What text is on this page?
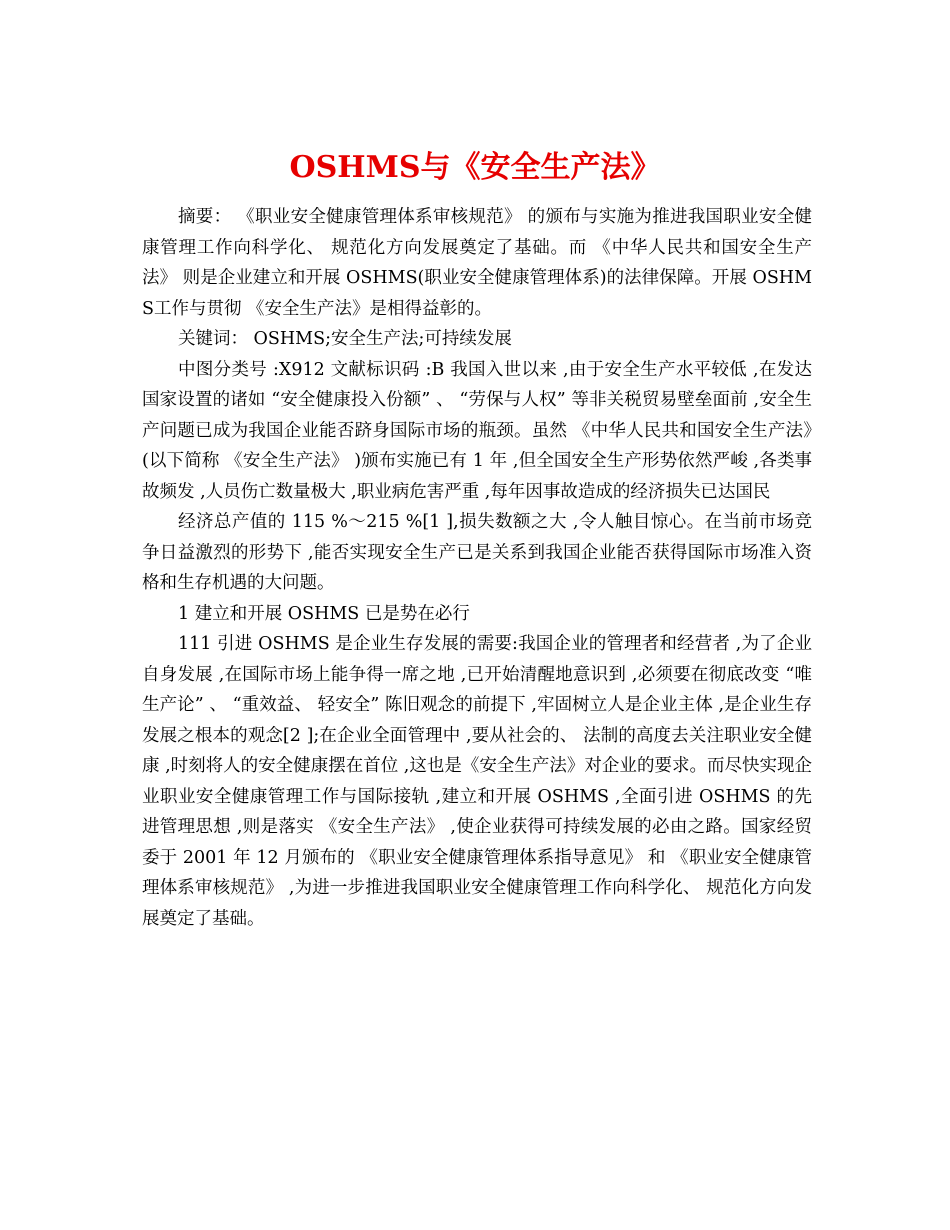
OSHMS与《安全生产法》

摘要： 《职业安全健康管理体系审核规范》 的颁布与实施为推进我国职业安全健康管理工作向科学化、 规范化方向发展奠定了基础。而 《中华人民共和国安全生产法》 则是企业建立和开展 OSHMS(职业安全健康管理体系)的法律保障。开展 OSHMS工作与贯彻 《安全生产法》是相得益彰的。

关键词： OSHMS;安全生产法;可持续发展

中图分类号 :X912 文献标识码 :B 我国入世以来 ,由于安全生产水平较低 ,在发达国家设置的诸如 “安全健康投入份额” 、 “劳保与人权” 等非关税贸易壁垒面前 ,安全生产问题已成为我国企业能否跻身国际市场的瓶颈。虽然 《中华人民共和国安全生产法》(以下简称 《安全生产法》 )颁布实施已有 1 年 ,但全国安全生产形势依然严峻 ,各类事故频发 ,人员伤亡数量极大 ,职业病危害严重 ,每年因事故造成的经济损失已达国民

经济总产值的 115 %～215 %[1 ],损失数额之大 ,令人触目惊心。在当前市场竞争日益激烈的形势下 ,能否实现安全生产已是关系到我国企业能否获得国际市场准入资格和生存机遇的大问题。

1 建立和开展 OSHMS 已是势在必行

111 引进 OSHMS 是企业生存发展的需要:我国企业的管理者和经营者 ,为了企业自身发展 ,在国际市场上能争得一席之地 ,已开始清醒地意识到 ,必须要在彻底改变 “唯生产论” 、 “重效益、 轻安全” 陈旧观念的前提下 ,牢固树立人是企业主体 ,是企业生存发展之根本的观念[2 ];在企业全面管理中 ,要从社会的、 法制的高度去关注职业安全健康 ,时刻将人的安全健康摆在首位 ,这也是《安全生产法》对企业的要求。而尽快实现企业职业安全健康管理工作与国际接轨 ,建立和开展 OSHMS ,全面引进 OSHMS 的先进管理思想 ,则是落实 《安全生产法》 ,使企业获得可持续发展的必由之路。国家经贸委于 2001 年 12 月颁布的 《职业安全健康管理体系指导意见》 和 《职业安全健康管理体系审核规范》 ,为进一步推进我国职业安全健康管理工作向科学化、 规范化方向发展奠定了基础。
